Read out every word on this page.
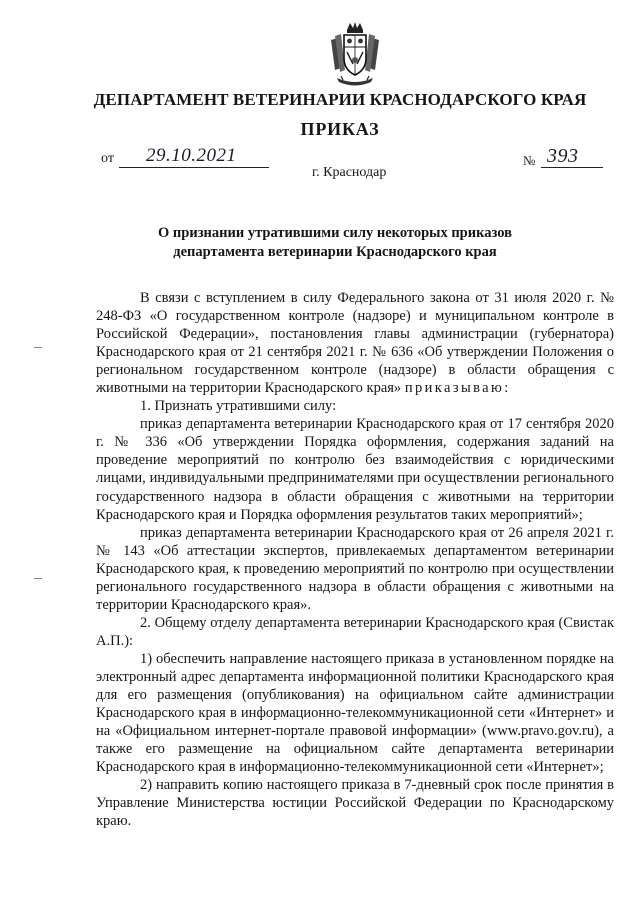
ДЕПАРТАМЕНТ ВЕТЕРИНАРИИ КРАСНОДАРСКОГО КРАЯ
ПРИКАЗ
от 29.10.2021
г. Краснодар
№ 393
О признании утратившими силу некоторых приказов
департамента ветеринарии Краснодарского края

В связи с вступлением в силу Федерального закона от 31 июля 2020 г. № 248-ФЗ «О государственном контроле (надзоре) и муниципальном контроле в Российской Федерации», постановления главы администрации (губернатора) Краснодарского края от 21 сентября 2021 г. № 636 «Об утверждении Положения о региональном государственном контроле (надзоре) в области обращения с животными на территории Краснодарского края» приказываю:

1. Признать утратившими силу:

приказ департамента ветеринарии Краснодарского края от 17 сентября 2020 г. № 336 «Об утверждении Порядка оформления, содержания заданий на проведение мероприятий по контролю без взаимодействия с юридическими лицами, индивидуальными предпринимателями при осуществлении регионального государственного надзора в области обращения с животными на территории Краснодарского края и Порядка оформления результатов таких мероприятий»;

приказ департамента ветеринарии Краснодарского края от 26 апреля 2021 г. № 143 «Об аттестации экспертов, привлекаемых департаментом ветеринарии Краснодарского края, к проведению мероприятий по контролю при осуществлении регионального государственного надзора в области обращения с животными на территории Краснодарского края».

2. Общему отделу департамента ветеринарии Краснодарского края (Свистак А.П.):

1) обеспечить направление настоящего приказа в установленном порядке на электронный адрес департамента информационной политики Краснодарского края для его размещения (опубликования) на официальном сайте администрации Краснодарского края в информационно-телекоммуникационной сети «Интернет» и на «Официальном интернет-портале правовой информации» (www.pravo.gov.ru), а также его размещение на официальном сайте департамента ветеринарии Краснодарского края в информационно-телекоммуникационной сети «Интернет»;

2) направить копию настоящего приказа в 7-дневный срок после принятия в Управление Министерства юстиции Российской Федерации по Краснодарскому краю.
